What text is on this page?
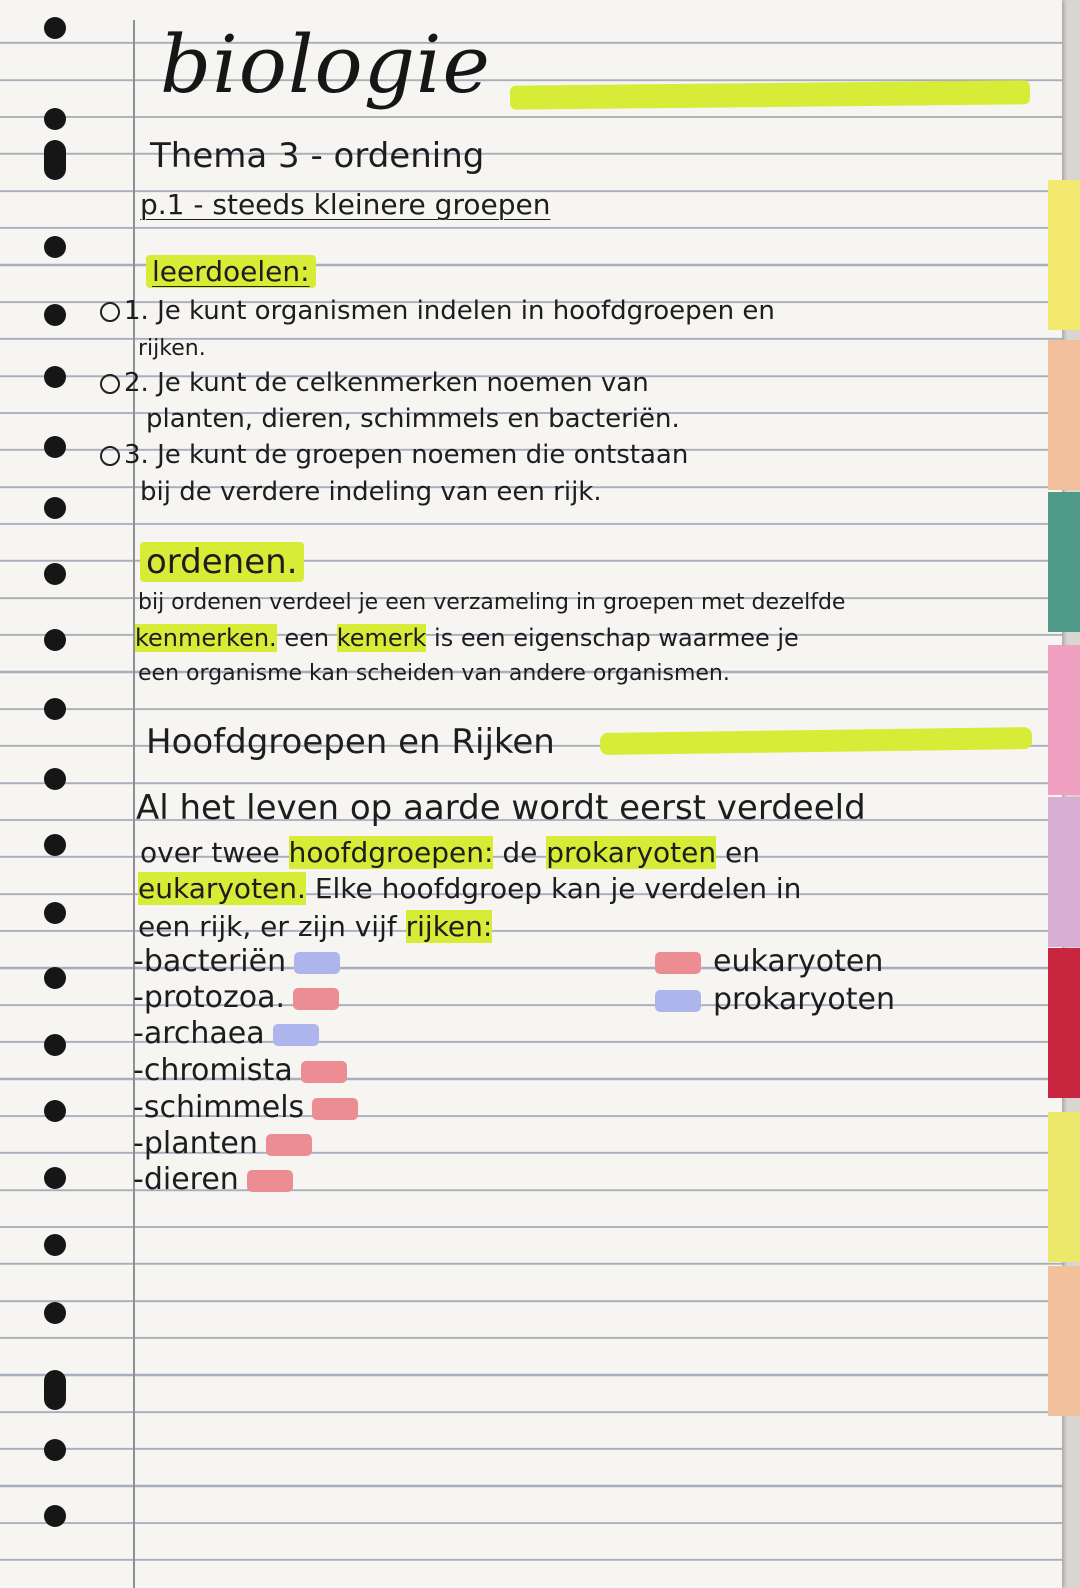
biologie
Thema 3 - ordening
p.1 - steeds kleinere groepen
leerdoelen:
1. Je kunt organismen indelen in hoofdgroepen en
rijken.
2. Je kunt de celkenmerken noemen van
planten, dieren, schimmels en bacteriën.
3. Je kunt de groepen noemen die ontstaan
bij de verdere indeling van een rijk.
ordenen.
bij ordenen verdeel je een verzameling in groepen met dezelfde
kenmerken. een kemerk is een eigenschap waarmee je
een organisme kan scheiden van andere organismen.
Hoofdgroepen en Rijken
Al het leven op aarde wordt eerst verdeeld
over twee hoofdgroepen: de prokaryoten en
eukaryoten. Elke hoofdgroep kan je verdelen in
een rijk, er zijn vijf rijken:
-bacteriën
-protozoa.
-archaea
-chromista
-schimmels
-planten
-dieren
eukaryoten
prokaryoten
